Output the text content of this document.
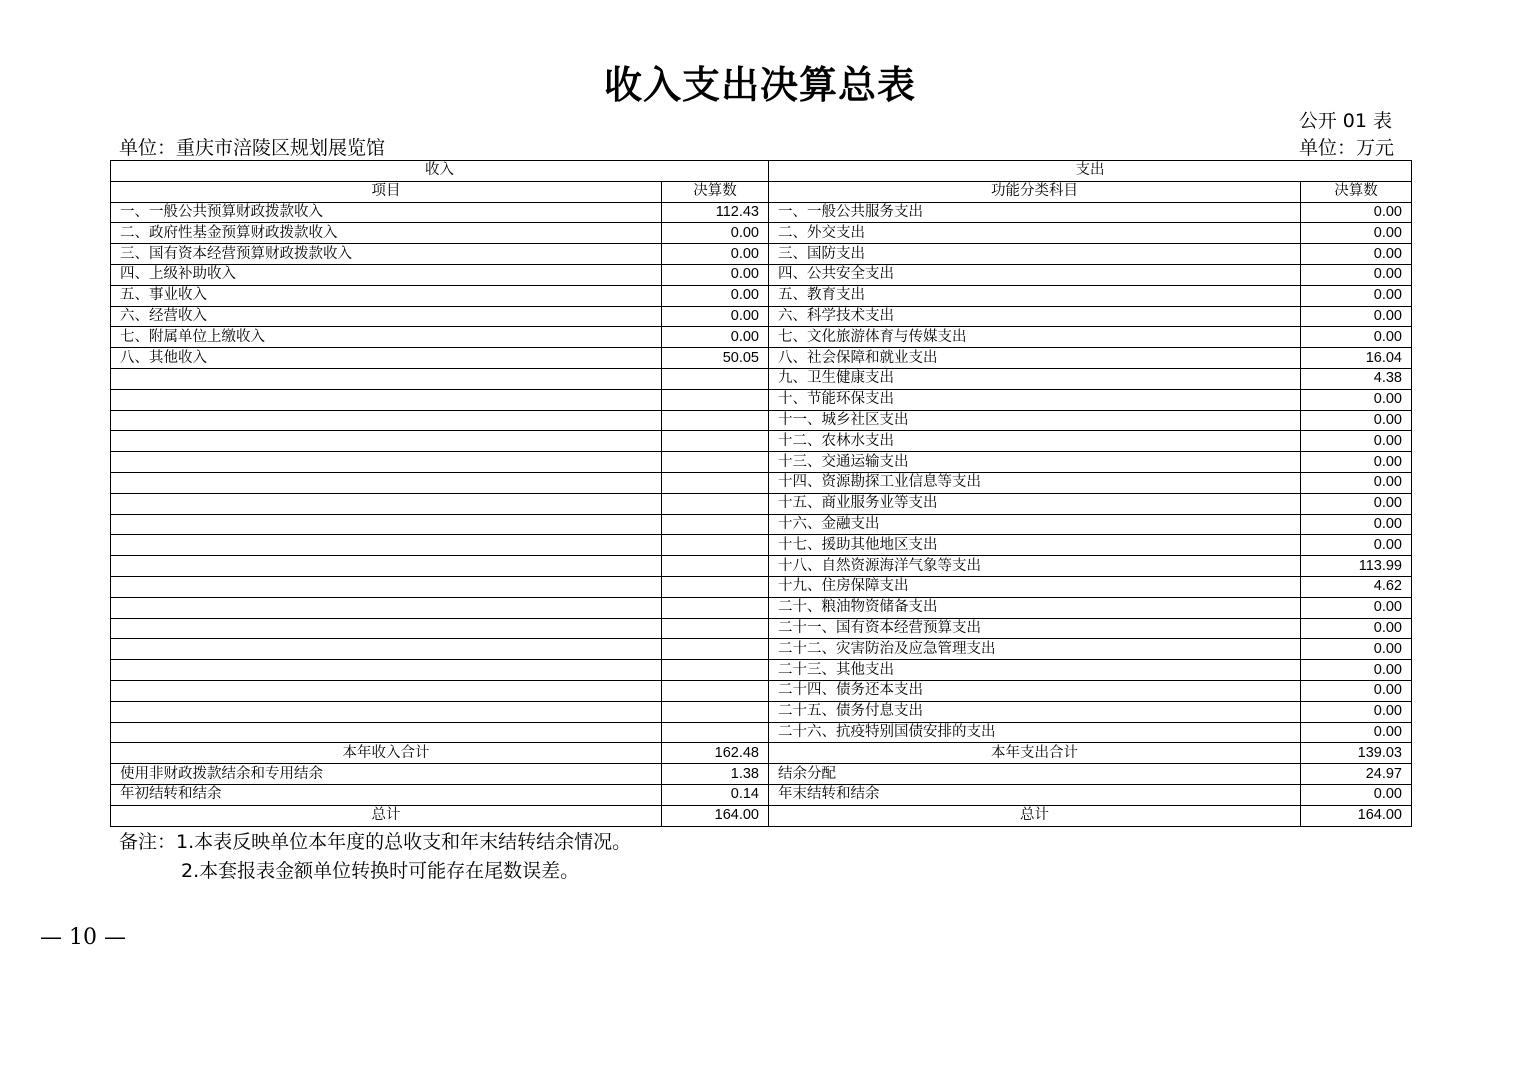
收入支出决算总表
公开 01 表
单位：重庆市涪陵区规划展览馆	单位：万元
收入		支出	
项目	决算数	功能分类科目	决算数
一、一般公共预算财政拨款收入	112.43	一、一般公共服务支出	0.00
二、政府性基金预算财政拨款收入	0.00	二、外交支出	0.00
三、国有资本经营预算财政拨款收入	0.00	三、国防支出	0.00
四、上级补助收入	0.00	四、公共安全支出	0.00
五、事业收入	0.00	五、教育支出	0.00
六、经营收入	0.00	六、科学技术支出	0.00
七、附属单位上缴收入	0.00	七、文化旅游体育与传媒支出	0.00
八、其他收入	50.05	八、社会保障和就业支出	16.04
		九、卫生健康支出	4.38
		十、节能环保支出	0.00
		十一、城乡社区支出	0.00
		十二、农林水支出	0.00
		十三、交通运输支出	0.00
		十四、资源勘探工业信息等支出	0.00
		十五、商业服务业等支出	0.00
		十六、金融支出	0.00
		十七、援助其他地区支出	0.00
		十八、自然资源海洋气象等支出	113.99
		十九、住房保障支出	4.62
		二十、粮油物资储备支出	0.00
		二十一、国有资本经营预算支出	0.00
		二十二、灾害防治及应急管理支出	0.00
		二十三、其他支出	0.00
		二十四、债务还本支出	0.00
		二十五、债务付息支出	0.00
		二十六、抗疫特别国债安排的支出	0.00
本年收入合计	162.48	本年支出合计	139.03
使用非财政拨款结余和专用结余	1.38	结余分配	24.97
年初结转和结余	0.14	年末结转和结余	0.00
总计	164.00	总计	164.00
备注：1.本表反映单位本年度的总收支和年末结转结余情况。
2.本套报表金额单位转换时可能存在尾数误差。
— 10 —
